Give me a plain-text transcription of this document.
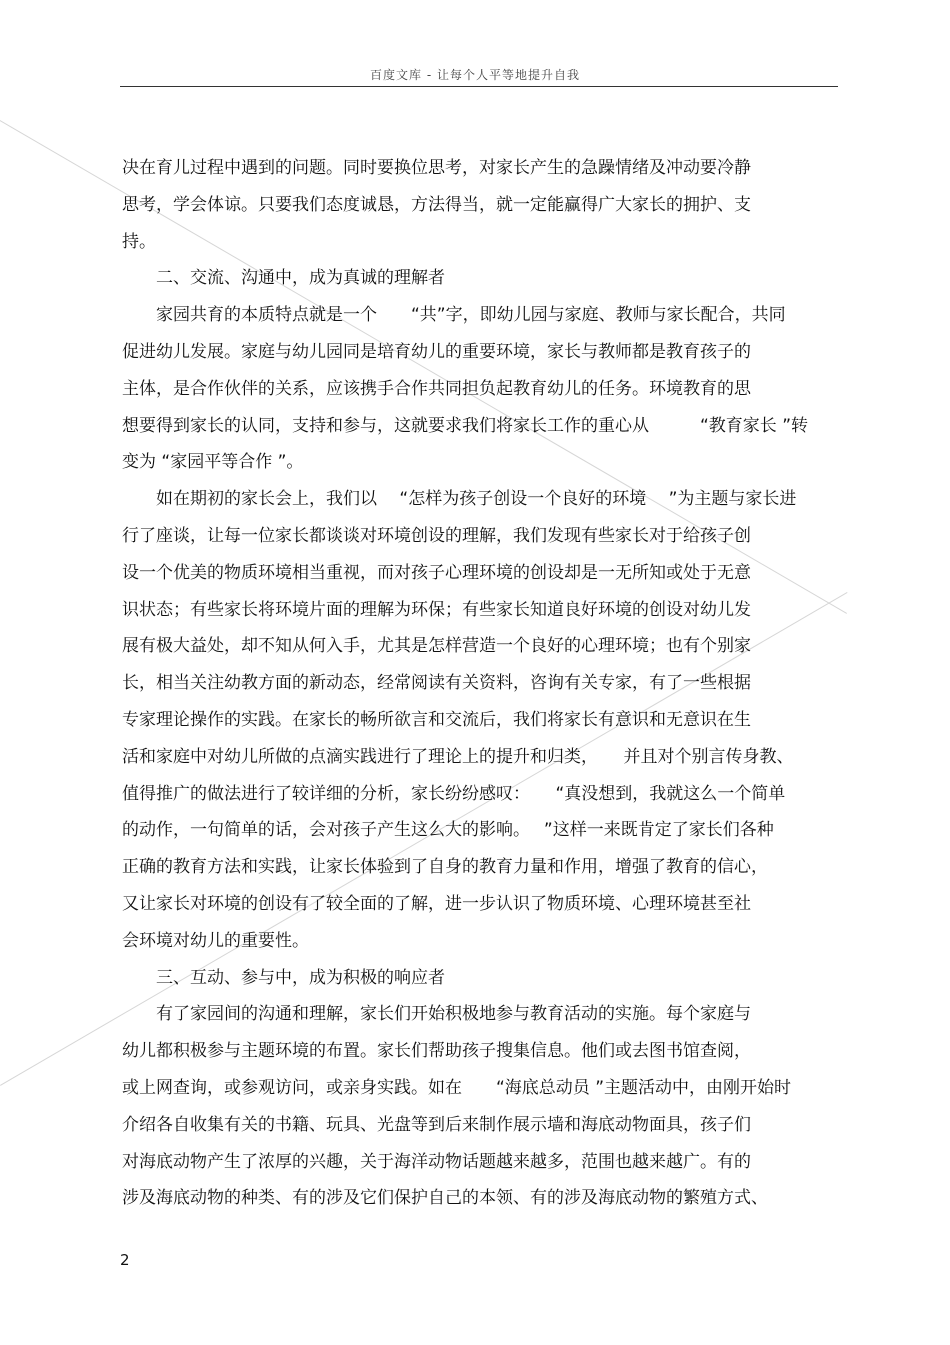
百度文库 - 让每个人平等地提升自我
决在育儿过程中遇到的问题。同时要换位思考，对家长产生的急躁情绪及冲动要冷静
思考，学会体谅。只要我们态度诚恳，方法得当，就一定能赢得广大家长的拥护、支
持。
　　二、交流、沟通中，成为真诚的理解者
　　家园共育的本质特点就是一个　　“共”字，即幼儿园与家庭、教师与家长配合，共同
促进幼儿发展。家庭与幼儿园同是培育幼儿的重要环境，家长与教师都是教育孩子的
主体，是合作伙伴的关系，应该携手合作共同担负起教育幼儿的任务。环境教育的思
想要得到家长的认同，支持和参与，这就要求我们将家长工作的重心从　　　“教育家长 ”转
变为 “家园平等合作 ”。
　　如在期初的家长会上，我们以　 “怎样为孩子创设一个良好的环境　 ”为主题与家长进
行了座谈，让每一位家长都谈谈对环境创设的理解，我们发现有些家长对于给孩子创
设一个优美的物质环境相当重视，而对孩子心理环境的创设却是一无所知或处于无意
识状态；有些家长将环境片面的理解为环保；有些家长知道良好环境的创设对幼儿发
展有极大益处，却不知从何入手，尤其是怎样营造一个良好的心理环境；也有个别家
长，相当关注幼教方面的新动态，经常阅读有关资料，咨询有关专家，有了一些根据
专家理论操作的实践。在家长的畅所欲言和交流后，我们将家长有意识和无意识在生
活和家庭中对幼儿所做的点滴实践进行了理论上的提升和归类，　　并且对个别言传身教、
值得推广的做法进行了较详细的分析，家长纷纷感叹：　　“真没想到，我就这么一个简单
的动作，一句简单的话，会对孩子产生这么大的影响。　 ”这样一来既肯定了家长们各种
正确的教育方法和实践，让家长体验到了自身的教育力量和作用，增强了教育的信心，
又让家长对环境的创设有了较全面的了解，进一步认识了物质环境、心理环境甚至社
会环境对幼儿的重要性。
　　三、互动、参与中，成为积极的响应者
　　有了家园间的沟通和理解，家长们开始积极地参与教育活动的实施。每个家庭与
幼儿都积极参与主题环境的布置。家长们帮助孩子搜集信息。他们或去图书馆查阅，
或上网查询，或参观访问，或亲身实践。如在　　“海底总动员 ”主题活动中，由刚开始时
介绍各自收集有关的书籍、玩具、光盘等到后来制作展示墙和海底动物面具，孩子们
对海底动物产生了浓厚的兴趣，关于海洋动物话题越来越多，范围也越来越广。有的
涉及海底动物的种类、有的涉及它们保护自己的本领、有的涉及海底动物的繁殖方式、
2
